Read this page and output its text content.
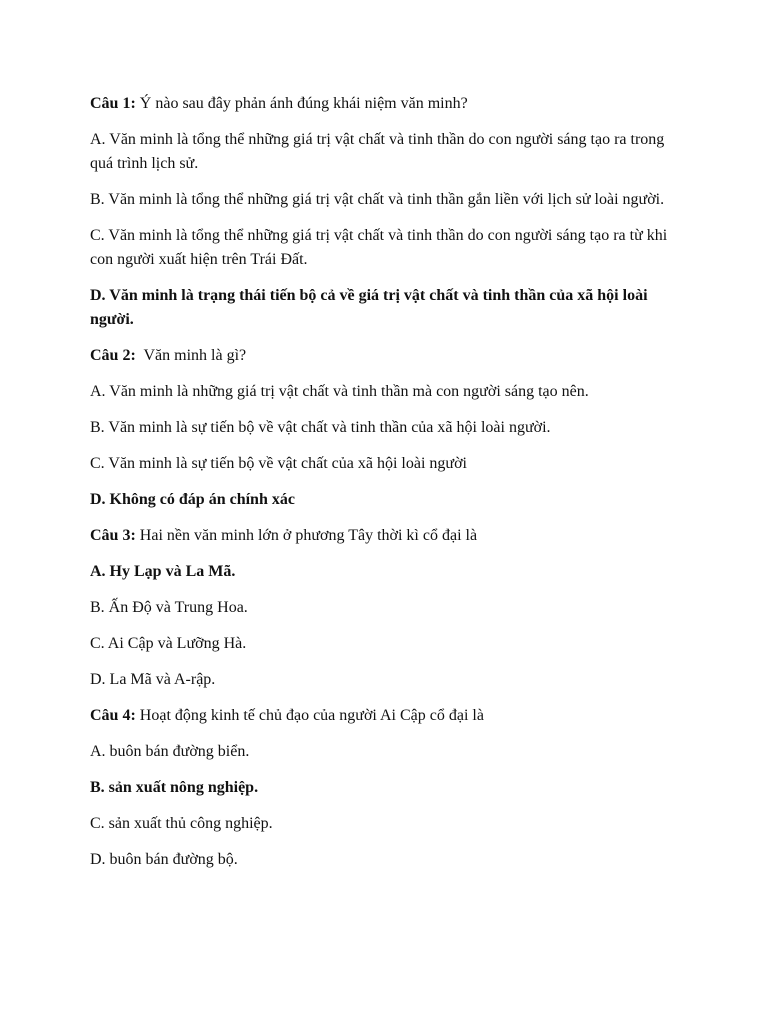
Câu 1: Ý nào sau đây phản ánh đúng khái niệm văn minh?

A. Văn minh là tổng thể những giá trị vật chất và tinh thần do con người sáng tạo ra trong quá trình lịch sử.

B. Văn minh là tổng thể những giá trị vật chất và tinh thần gắn liền với lịch sử loài người.

C. Văn minh là tổng thể những giá trị vật chất và tinh thần do con người sáng tạo ra từ khi con người xuất hiện trên Trái Đất.

D. Văn minh là trạng thái tiến bộ cả về giá trị vật chất và tinh thần của xã hội loài người.

Câu 2:  Văn minh là gì?

A. Văn minh là những giá trị vật chất và tinh thần mà con người sáng tạo nên.

B. Văn minh là sự tiến bộ về vật chất và tinh thần của xã hội loài người.

C. Văn minh là sự tiến bộ về vật chất của xã hội loài người

D. Không có đáp án chính xác

Câu 3: Hai nền văn minh lớn ở phương Tây thời kì cổ đại là

A. Hy Lạp và La Mã.

B. Ấn Độ và Trung Hoa.

C. Ai Cập và Lưỡng Hà.

D. La Mã và A-rập.

Câu 4: Hoạt động kinh tế chủ đạo của người Ai Cập cổ đại là

A. buôn bán đường biển.

B. sản xuất nông nghiệp.

C. sản xuất thủ công nghiệp.

D. buôn bán đường bộ.
